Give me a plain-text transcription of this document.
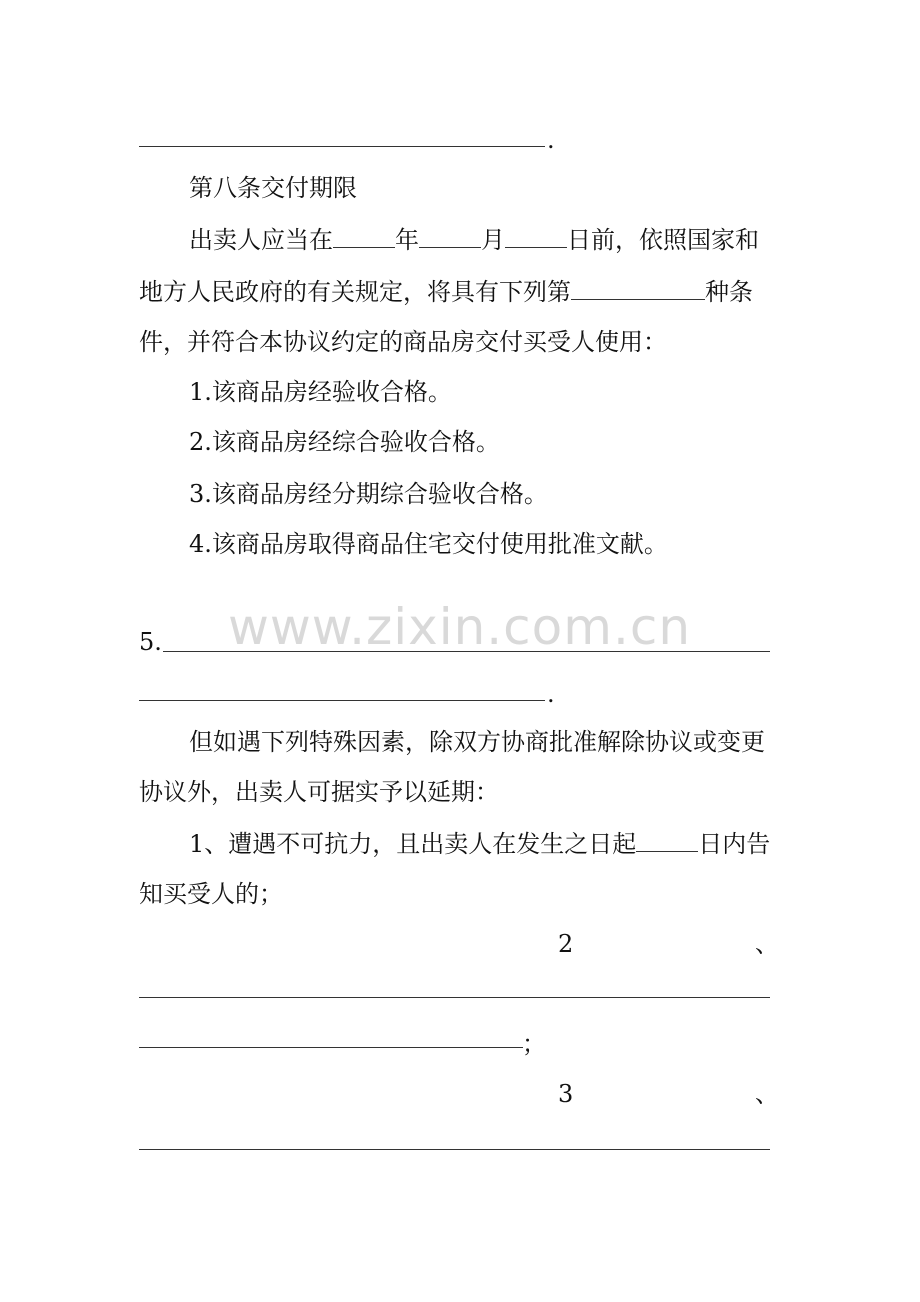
.
第八条交付期限
出卖人应当在	年	月	日前，依照国家和
地方人民政府的有关规定，将具有下列第	种条
件，并符合本协议约定的商品房交付买受人使用：
1.该商品房经验收合格。
2.该商品房经综合验收合格。
3.该商品房经分期综合验收合格。
4.该商品房取得商品住宅交付使用批准文献。
www.zixin.com.cn
5.
.
但如遇下列特殊因素，除双方协商批准解除协议或变更
协议外，出卖人可据实予以延期：
1、遭遇不可抗力，且出卖人在发生之日起	日内告
知买受人的；
2	、
；
3	、
